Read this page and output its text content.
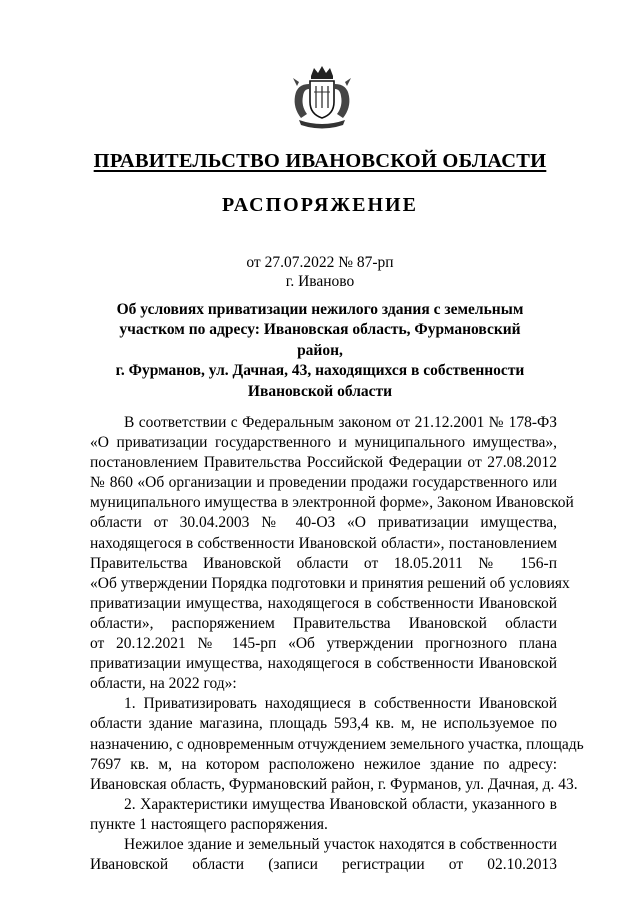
ПРАВИТЕЛЬСТВО ИВАНОВСКОЙ ОБЛАСТИ
РАСПОРЯЖЕНИЕ
от 27.07.2022 № 87-рп
г. Иваново
Об условиях приватизации нежилого здания с земельным
участком по адресу: Ивановская область, Фурмановский район,
г. Фурманов, ул. Дачная, 43, находящихся в собственности
Ивановской области
В соответствии с Федеральным законом от 21.12.2001 № 178-ФЗ
«О приватизации государственного и муниципального имущества»,
постановлением Правительства Российской Федерации от 27.08.2012
№ 860 «Об организации и проведении продажи государственного или
муниципального имущества в электронной форме», Законом Ивановской
области от 30.04.2003 № 40-ОЗ «О приватизации имущества,
находящегося в собственности Ивановской области», постановлением
Правительства Ивановской области от 18.05.2011 № 156-п
«Об утверждении Порядка подготовки и принятия решений об условиях
приватизации имущества, находящегося в собственности Ивановской
области», распоряжением Правительства Ивановской области
от 20.12.2021 № 145-рп «Об утверждении прогнозного плана
приватизации имущества, находящегося в собственности Ивановской
области, на 2022 год»:
1. Приватизировать находящиеся в собственности Ивановской
области здание магазина, площадь 593,4 кв. м, не используемое по
назначению, с одновременным отчуждением земельного участка, площадь
7697 кв. м, на котором расположено нежилое здание по адресу:
Ивановская область, Фурмановский район, г. Фурманов, ул. Дачная, д. 43.
2. Характеристики имущества Ивановской области, указанного в
пункте 1 настоящего распоряжения.
Нежилое здание и земельный участок находятся в собственности
Ивановской области (записи регистрации от 02.10.2013
